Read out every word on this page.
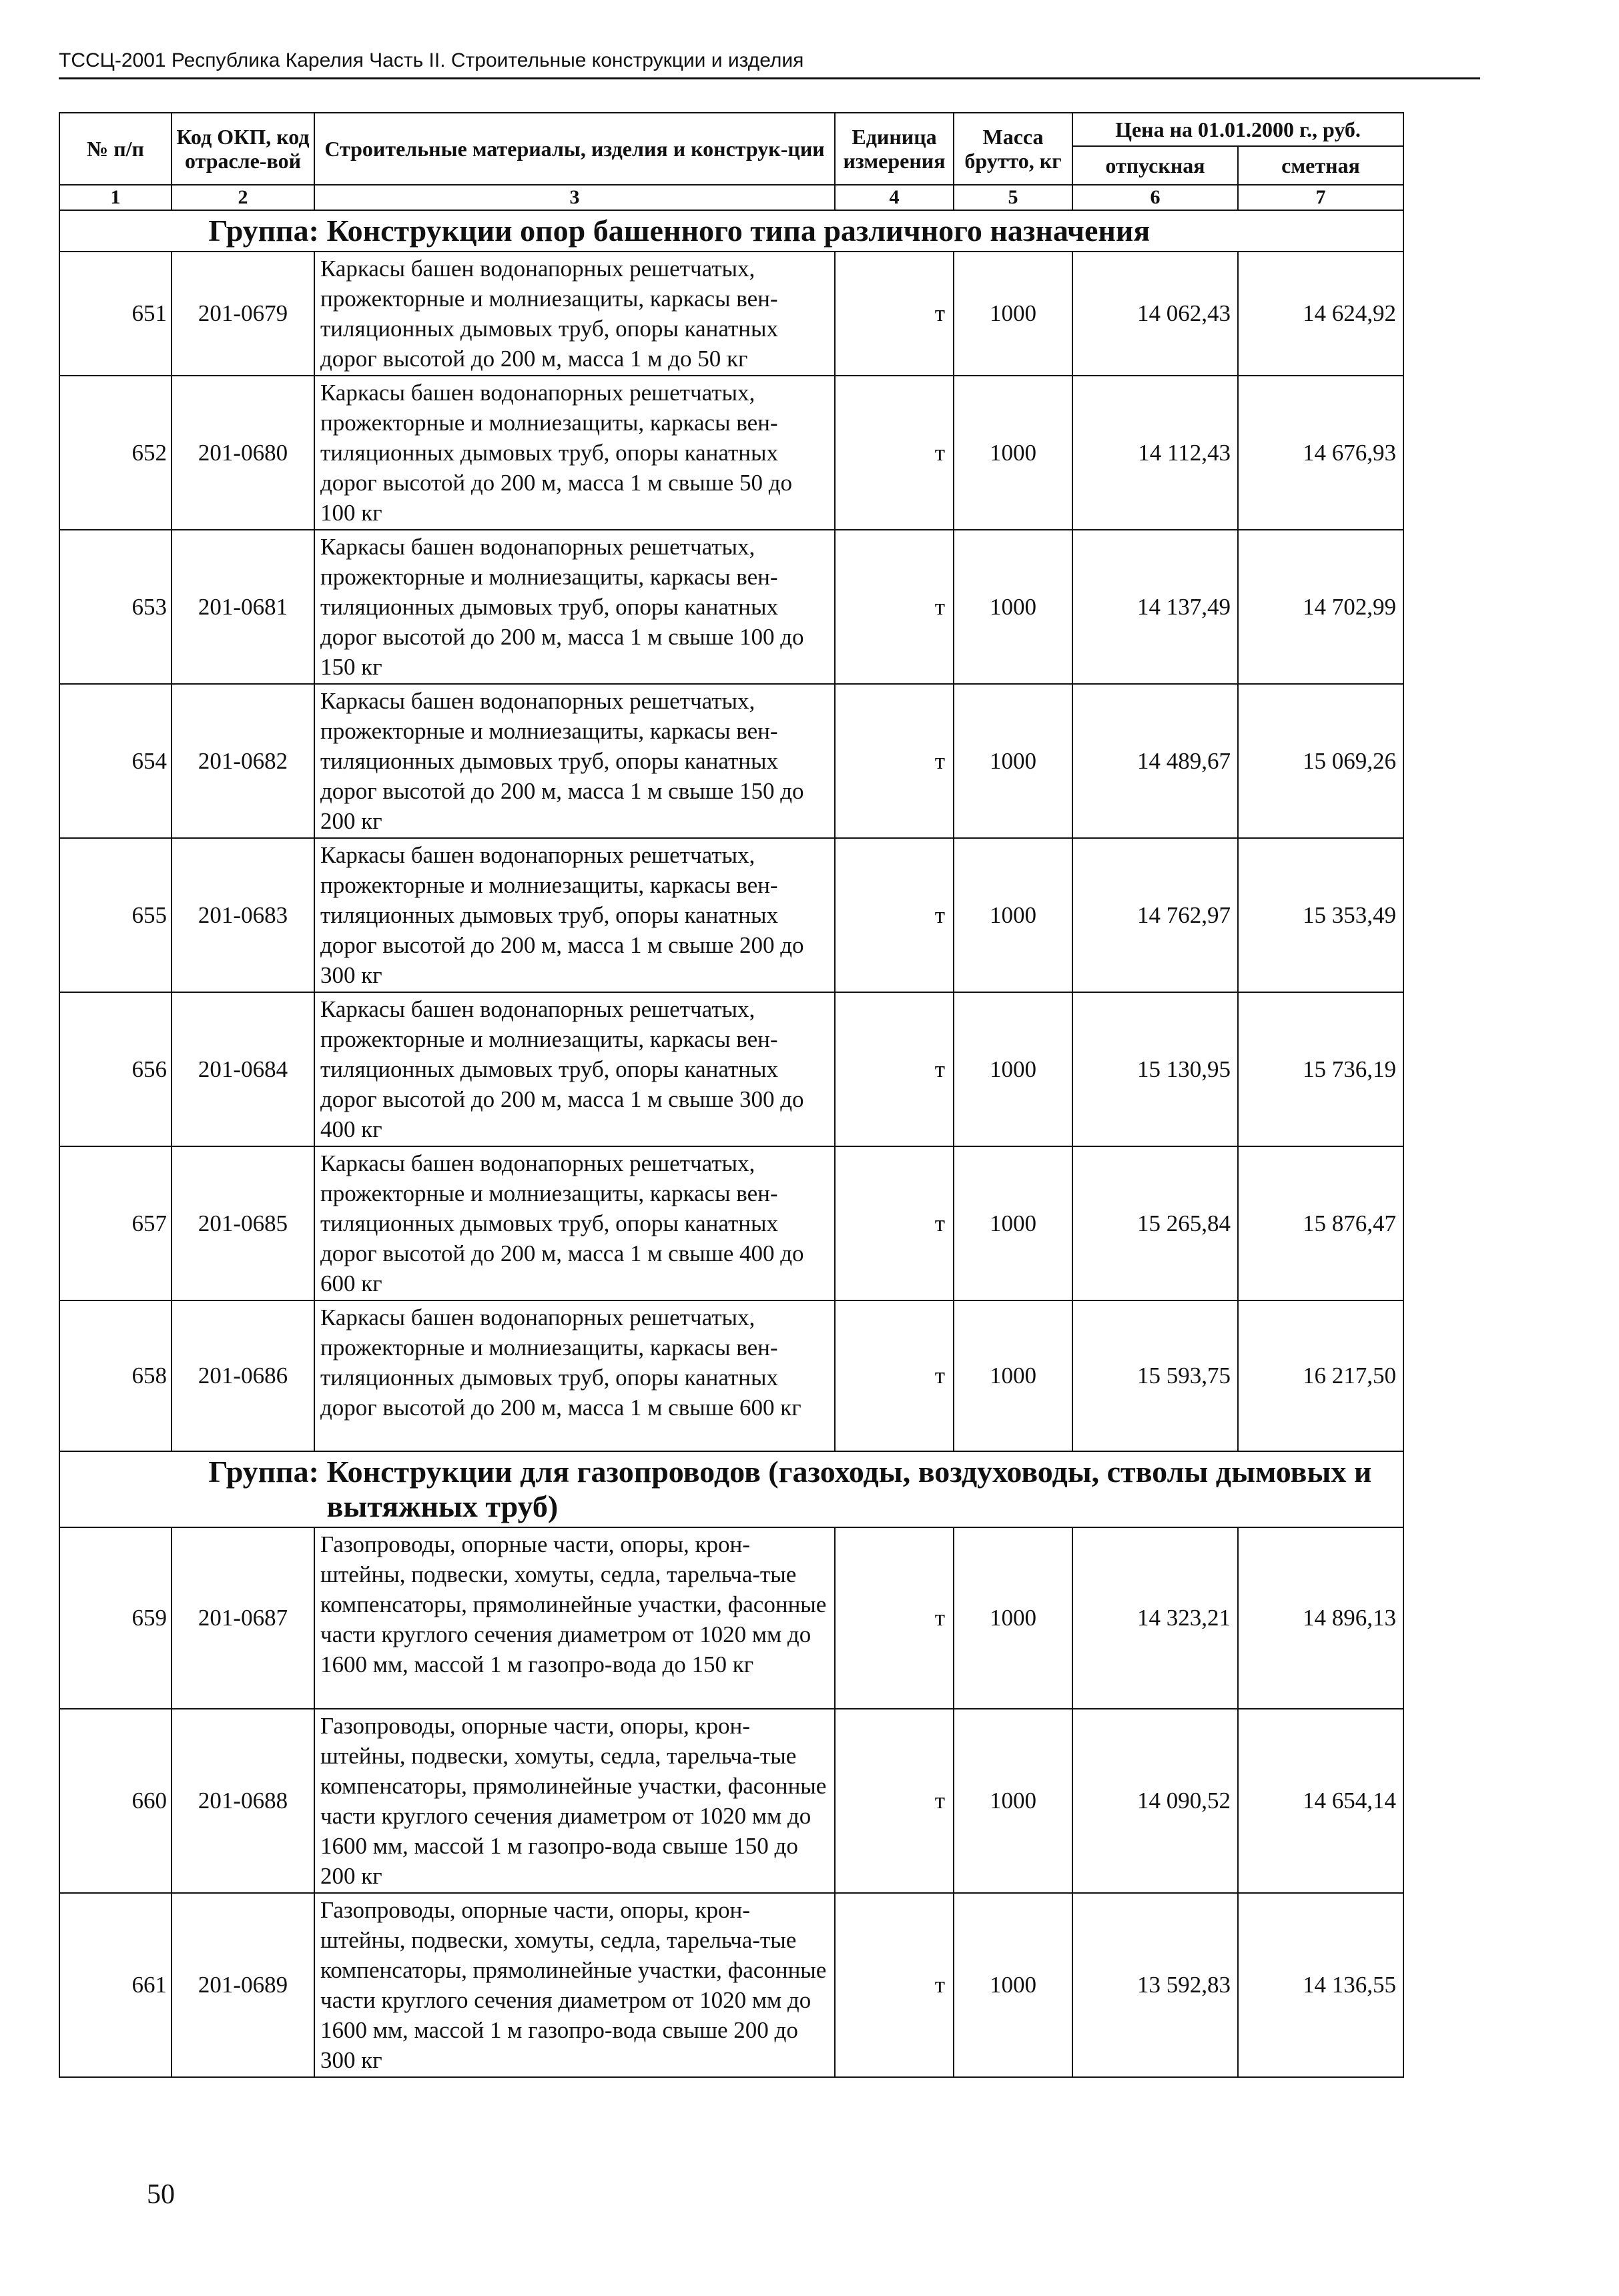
ТССЦ-2001 Республика Карелия Часть II. Строительные конструкции и изделия
№ п/п	Код ОКП, код отрасле-вой	Строительные материалы, изделия и конструк-ции	Единица измерения	Масса брутто, кг	Цена на 01.01.2000 г., руб.	
					отпускная	сметная
1	2	3	4	5	6	7
Группа: Конструкции опор башенного типа различного назначения						
651	201-0679	Каркасы башен водонапорных решетчатых, прожекторные и молниезащиты, каркасы вен-тиляционных дымовых труб, опоры канатных дорог высотой до 200 м, масса 1 м до 50 кг	т	1000	14 062,43	14 624,92
652	201-0680	Каркасы башен водонапорных решетчатых, прожекторные и молниезащиты, каркасы вен-тиляционных дымовых труб, опоры канатных дорог высотой до 200 м, масса 1 м свыше 50 до 100 кг	т	1000	14 112,43	14 676,93
653	201-0681	Каркасы башен водонапорных решетчатых, прожекторные и молниезащиты, каркасы вен-тиляционных дымовых труб, опоры канатных дорог высотой до 200 м, масса 1 м свыше 100 до 150 кг	т	1000	14 137,49	14 702,99
654	201-0682	Каркасы башен водонапорных решетчатых, прожекторные и молниезащиты, каркасы вен-тиляционных дымовых труб, опоры канатных дорог высотой до 200 м, масса 1 м свыше 150 до 200 кг	т	1000	14 489,67	15 069,26
655	201-0683	Каркасы башен водонапорных решетчатых, прожекторные и молниезащиты, каркасы вен-тиляционных дымовых труб, опоры канатных дорог высотой до 200 м, масса 1 м свыше 200 до 300 кг	т	1000	14 762,97	15 353,49
656	201-0684	Каркасы башен водонапорных решетчатых, прожекторные и молниезащиты, каркасы вен-тиляционных дымовых труб, опоры канатных дорог высотой до 200 м, масса 1 м свыше 300 до 400 кг	т	1000	15 130,95	15 736,19
657	201-0685	Каркасы башен водонапорных решетчатых, прожекторные и молниезащиты, каркасы вен-тиляционных дымовых труб, опоры канатных дорог высотой до 200 м, масса 1 м свыше 400 до 600 кг	т	1000	15 265,84	15 876,47
658	201-0686	Каркасы башен водонапорных решетчатых, прожекторные и молниезащиты, каркасы вен-тиляционных дымовых труб, опоры канатных дорог высотой до 200 м, масса 1 м свыше 600 кг	т	1000	15 593,75	16 217,50
Группа: Конструкции для газопроводов (газоходы, воздуховоды, стволы дымовых и вытяжных труб)						
659	201-0687	Газопроводы, опорные части, опоры, крон-штейны, подвески, хомуты, седла, тарельча-тые компенсаторы, прямолинейные участки, фасонные части круглого сечения диаметром от 1020 мм до 1600 мм, массой 1 м газопро-вода до 150 кг	т	1000	14 323,21	14 896,13
660	201-0688	Газопроводы, опорные части, опоры, крон-штейны, подвески, хомуты, седла, тарельча-тые компенсаторы, прямолинейные участки, фасонные части круглого сечения диаметром от 1020 мм до 1600 мм, массой 1 м газопро-вода свыше 150 до 200 кг	т	1000	14 090,52	14 654,14
661	201-0689	Газопроводы, опорные части, опоры, крон-штейны, подвески, хомуты, седла, тарельча-тые компенсаторы, прямолинейные участки, фасонные части круглого сечения диаметром от 1020 мм до 1600 мм, массой 1 м газопро-вода свыше 200 до 300 кг	т	1000	13 592,83	14 136,55
50
